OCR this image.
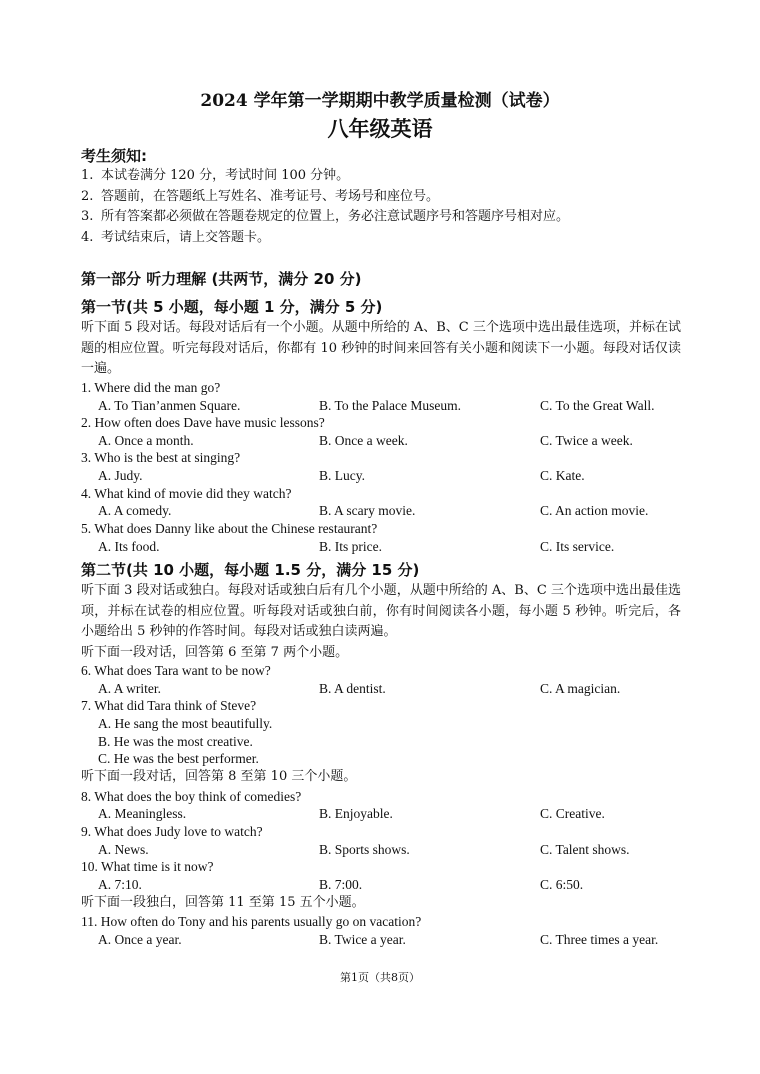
2024 学年第一学期期中教学质量检测（试卷）
八年级英语
考生须知:
1. 本试卷满分 120 分，考试时间 100 分钟。
2. 答题前，在答题纸上写姓名、准考证号、考场号和座位号。
3. 所有答案都必须做在答题卷规定的位置上，务必注意试题序号和答题序号相对应。
4. 考试结束后，请上交答题卡。
第一部分 听力理解 (共两节，满分 20 分)
第一节(共 5 小题，每小题 1 分，满分 5 分)
听下面 5 段对话。每段对话后有一个小题。从题中所给的 A、B、C 三个选项中选出最佳选项，并标在试题的相应位置。听完每段对话后，你都有 10 秒钟的时间来回答有关小题和阅读下一小题。每段对话仅读一遍。
1. Where did the man go?
A. To Tian’anmen Square.	B. To the Palace Museum.	C. To the Great Wall.
2. How often does Dave have music lessons?
A. Once a month.	B. Once a week.	C. Twice a week.
3. Who is the best at singing?
A. Judy.	B. Lucy.	C. Kate.
4. What kind of movie did they watch?
A. A comedy.	B. A scary movie.	C. An action movie.
5. What does Danny like about the Chinese restaurant?
A. Its food.	B. Its price.	C. Its service.
第二节(共 10 小题，每小题 1.5 分，满分 15 分)
听下面 3 段对话或独白。每段对话或独白后有几个小题，从题中所给的 A、B、C 三个选项中选出最佳选项，并标在试卷的相应位置。听每段对话或独白前，你有时间阅读各小题，每小题 5 秒钟。听完后，各小题给出 5 秒钟的作答时间。每段对话或独白读两遍。
听下面一段对话，回答第 6 至第 7 两个小题。
6. What does Tara want to be now?
A. A writer.	B. A dentist.	C. A magician.
7. What did Tara think of Steve?
A. He sang the most beautifully.
B. He was the most creative.
C. He was the best performer.
听下面一段对话，回答第 8 至第 10 三个小题。
8. What does the boy think of comedies?
A. Meaningless.	B. Enjoyable.	C. Creative.
9. What does Judy love to watch?
A. News.	B. Sports shows.	C. Talent shows.
10. What time is it now?
A. 7:10.	B. 7:00.	C. 6:50.
听下面一段独白，回答第 11 至第 15 五个小题。
11. How often do Tony and his parents usually go on vacation?
A. Once a year.	B. Twice a year.	C. Three times a year.
第1页（共8页）
